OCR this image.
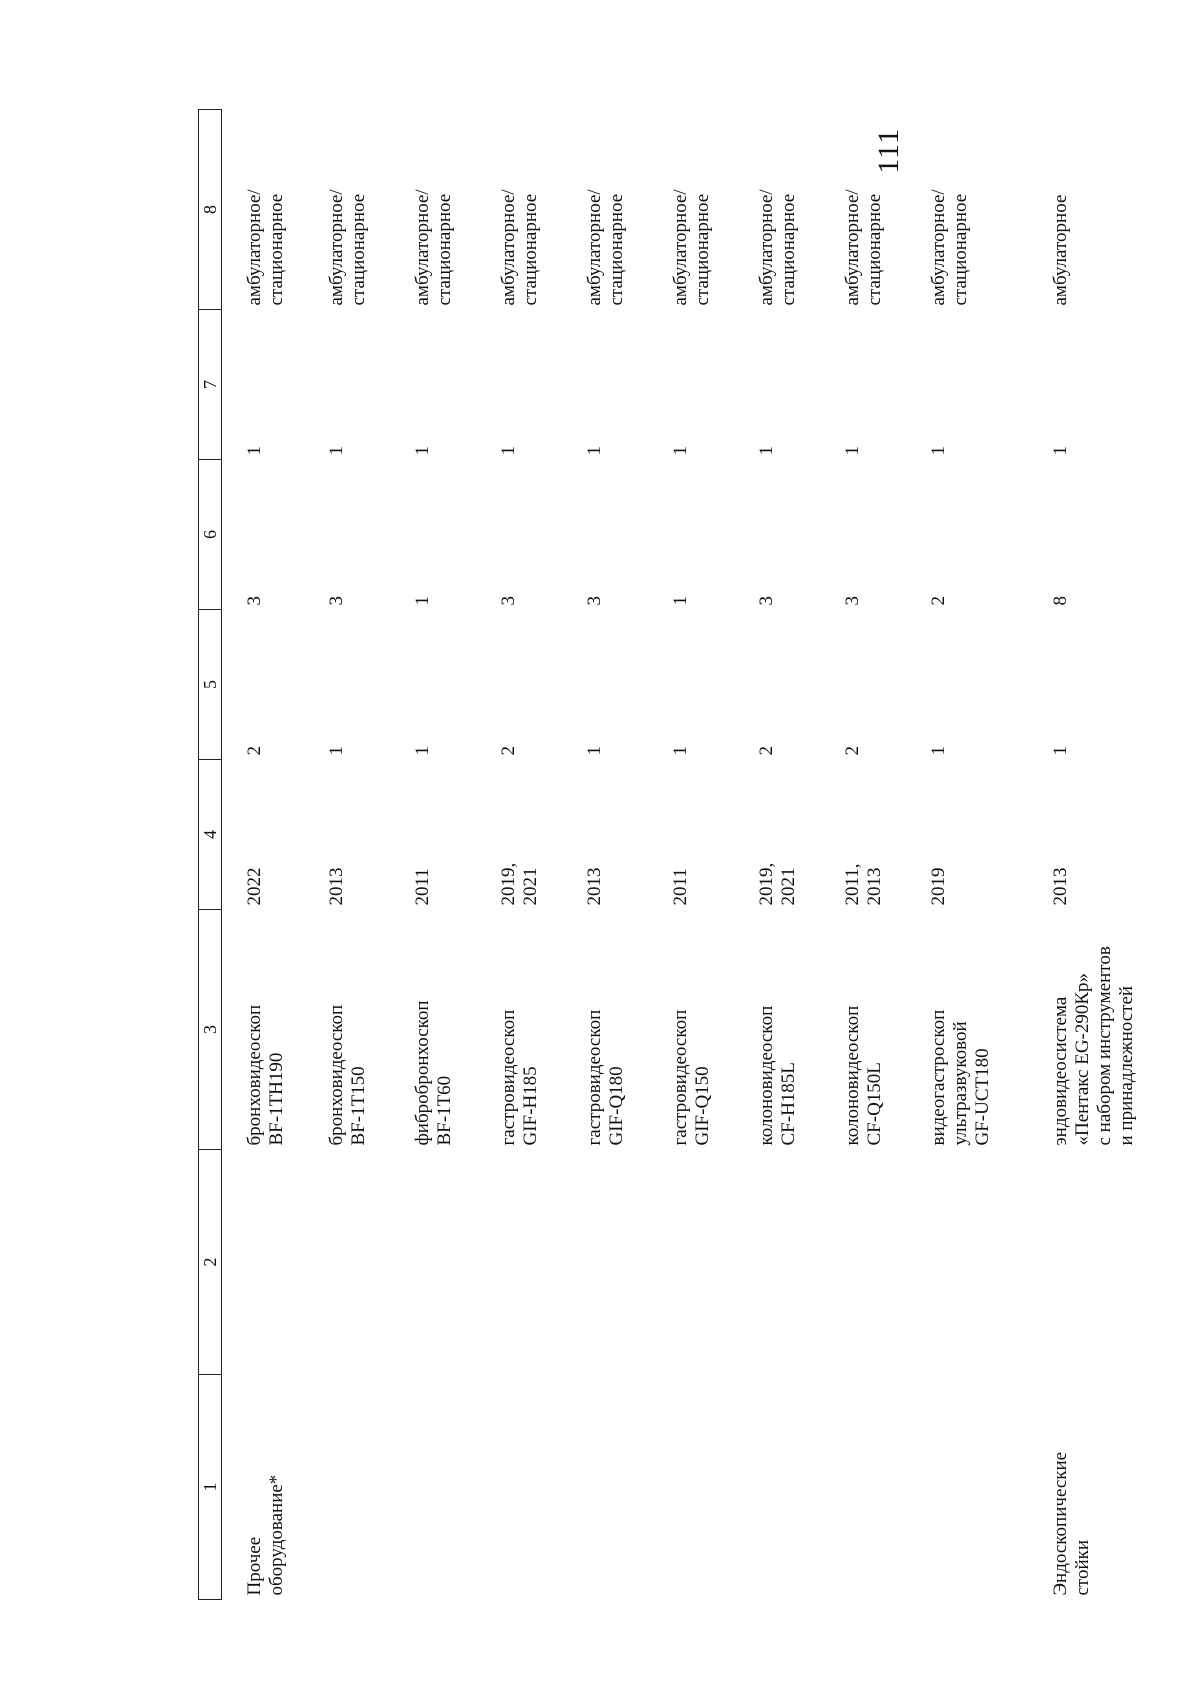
111
1	2	3	4	5	6	7	8

Прочее
оборудование*		бронховидеоскоп
BF-1TH190	2022	2	3	1	амбулаторное/
стационарное

		бронховидеоскоп
BF-1T150	2013	1	3	1	амбулаторное/
стационарное

		фибробронхоскоп
BF-1T60	2011	1	1	1	амбулаторное/
стационарное

		гастровидеоскоп
GIF-H185	2019,
2021	2	3	1	амбулаторное/
стационарное

		гастровидеоскоп
GIF-Q180	2013	1	3	1	амбулаторное/
стационарное

		гастровидеоскоп
GIF-Q150	2011	1	1	1	амбулаторное/
стационарное

		колоновидеоскоп
CF-H185L	2019,
2021	2	3	1	амбулаторное/
стационарное

		колоновидеоскоп
CF-Q150L	2011,
2013	2	3	1	амбулаторное/
стационарное

		видеогастроскоп
ультразвуковой
GF-UCT180	2019	1	2	1	амбулаторное/
стационарное

Эндоскопические
стойки		эндовидеосистема
«Пентакс EG-290Кр»
с набором инструментов
и принадлежностей	2013	1	8	1	амбулаторное
